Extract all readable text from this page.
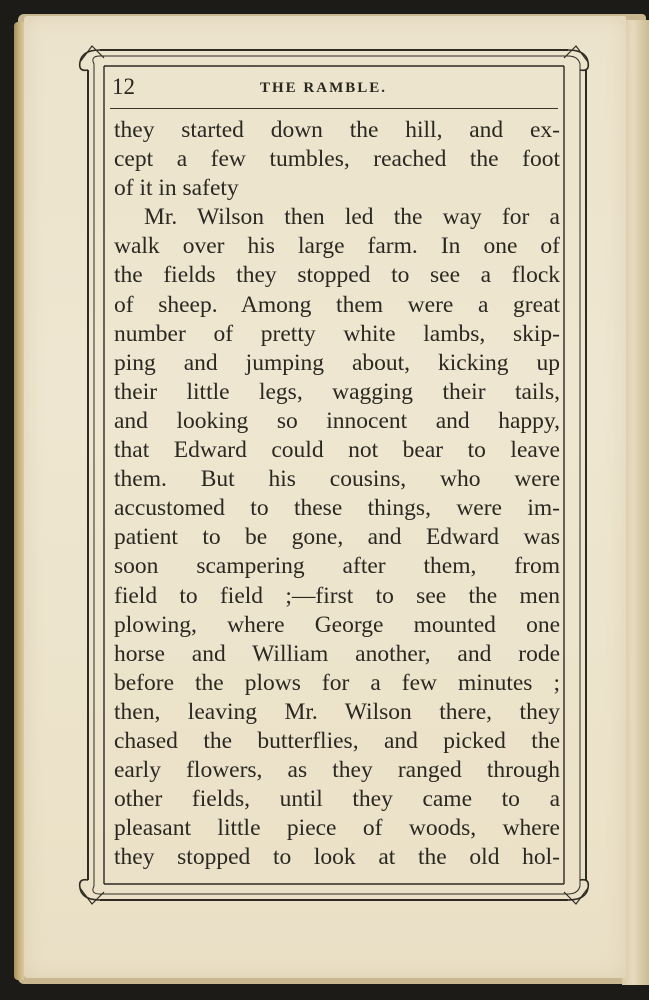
12	THE RAMBLE.
they started down the hill, and ex-
cept a few tumbles, reached the foot
of it in safety
Mr. Wilson then led the way for a
walk over his large farm. In one of
the fields they stopped to see a flock
of sheep. Among them were a great
number of pretty white lambs, skip-
ping and jumping about, kicking up
their little legs, wagging their tails,
and looking so innocent and happy,
that Edward could not bear to leave
them. But his cousins, who were
accustomed to these things, were im-
patient to be gone, and Edward was
soon scampering after them, from
field to field ;—first to see the men
plowing, where George mounted one
horse and William another, and rode
before the plows for a few minutes ;
then, leaving Mr. Wilson there, they
chased the butterflies, and picked the
early flowers, as they ranged through
other fields, until they came to a
pleasant little piece of woods, where
they stopped to look at the old hol-
